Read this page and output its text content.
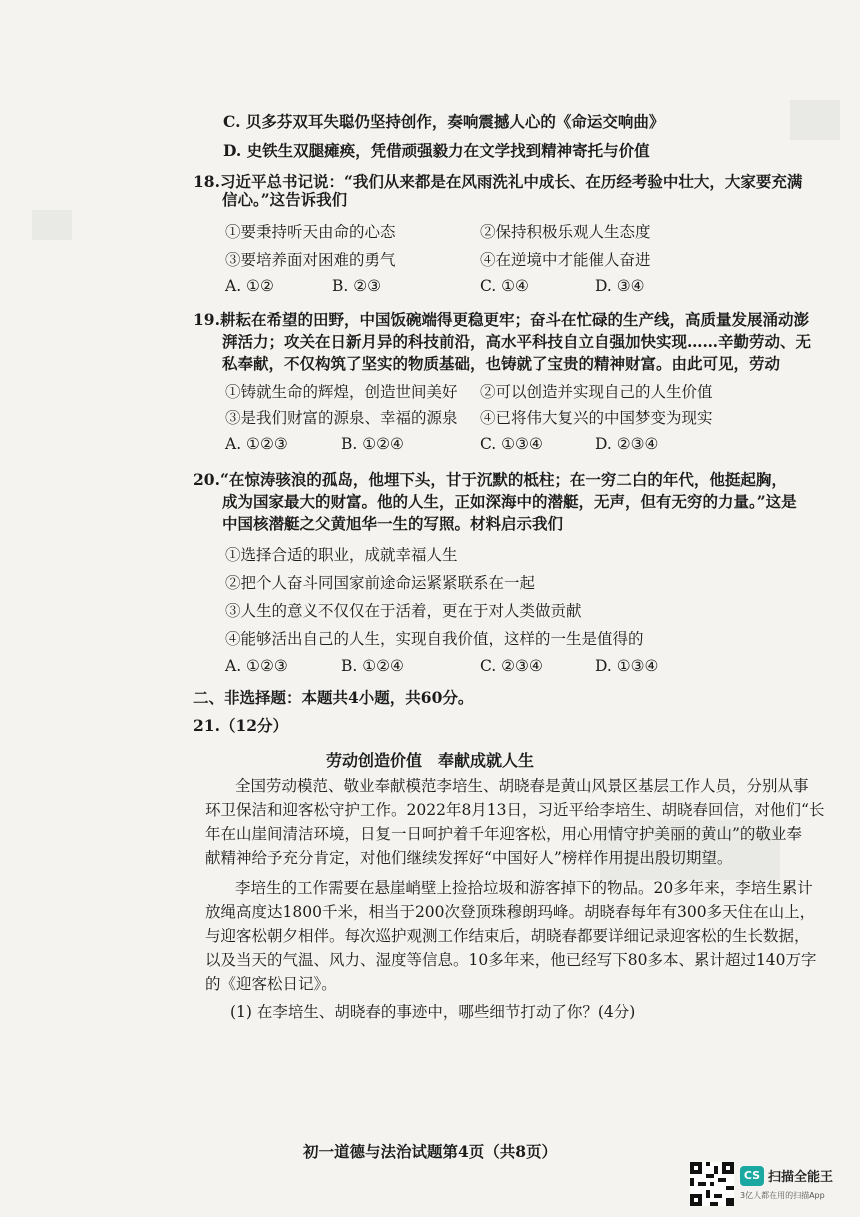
C. 贝多芬双耳失聪仍坚持创作，奏响震撼人心的《命运交响曲》
D. 史铁生双腿瘫痪，凭借顽强毅力在文学找到精神寄托与价值
18.习近平总书记说：“我们从来都是在风雨洗礼中成长、在历经考验中壮大，大家要充满
信心。”这告诉我们
①要秉持听天由命的心态	②保持积极乐观人生态度
③要培养面对困难的勇气	④在逆境中才能催人奋进
A. ①②	B. ②③	C. ①④	D. ③④
19.耕耘在希望的田野，中国饭碗端得更稳更牢；奋斗在忙碌的生产线，高质量发展涌动澎
湃活力；攻关在日新月异的科技前沿，高水平科技自立自强加快实现……辛勤劳动、无
私奉献，不仅构筑了坚实的物质基础，也铸就了宝贵的精神财富。由此可见，劳动
①铸就生命的辉煌，创造世间美好 ②可以创造并实现自己的人生价值
③是我们财富的源泉、幸福的源泉 ④已将伟大复兴的中国梦变为现实
A. ①②③	B. ①②④	C. ①③④	D. ②③④
20.“在惊涛骇浪的孤岛，他埋下头，甘于沉默的柢柱；在一穷二白的年代，他挺起胸，
成为国家最大的财富。他的人生，正如深海中的潜艇，无声，但有无穷的力量。”这是
中国核潜艇之父黄旭华一生的写照。材料启示我们
①选择合适的职业，成就幸福人生
②把个人奋斗同国家前途命运紧紧联系在一起
③人生的意义不仅仅在于活着，更在于对人类做贡献
④能够活出自己的人生，实现自我价值，这样的一生是值得的
A. ①②③	B. ①②④	C. ②③④	D. ①③④
二、非选择题：本题共4小题，共60分。
21.（12分）
劳动创造价值　奉献成就人生
全国劳动模范、敬业奉献模范李培生、胡晓春是黄山风景区基层工作人员，分别从事
环卫保洁和迎客松守护工作。2022年8月13日，习近平给李培生、胡晓春回信，对他们“长
年在山崖间清洁环境，日复一日呵护着千年迎客松，用心用情守护美丽的黄山”的敬业奉
献精神给予充分肯定，对他们继续发挥好“中国好人”榜样作用提出殷切期望。
李培生的工作需要在悬崖峭壁上捡拾垃圾和游客掉下的物品。20多年来，李培生累计
放绳高度达1800千米，相当于200次登顶珠穆朗玛峰。胡晓春每年有300多天住在山上，
与迎客松朝夕相伴。每次巡护观测工作结束后，胡晓春都要详细记录迎客松的生长数据，
以及当天的气温、风力、湿度等信息。10多年来，他已经写下80多本、累计超过140万字
的《迎客松日记》。
(1) 在李培生、胡晓春的事迹中，哪些细节打动了你？(4分)
初一道德与法治试题第4页（共8页）
CS 扫描全能王
3亿人都在用的扫描App
